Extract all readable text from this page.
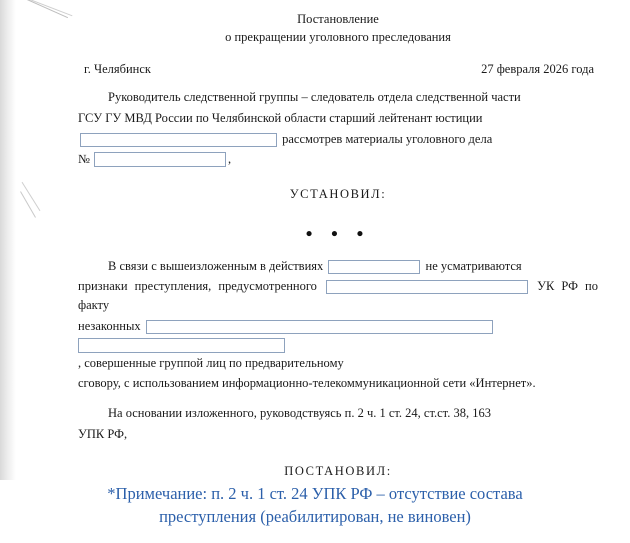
Постановление
о прекращении уголовного преследования
г. Челябинск	27 февраля 2026 года

Руководитель следственной группы – следователь отдела следственной части

ГСУ ГУ МВД России по Челябинской области старший лейтенант юстиции

рассмотрев материалы уголовного дела

№	,
УСТАНОВИЛ:
• • •

В связи с вышеизложенным в действиях	не усматриваются

признаки преступления, предусмотренного	УК РФ по факту

незаконных

, совершенные группой лиц по предварительному

сговору, с использованием информационно-телекоммуникационной сети «Интернет».

На основании изложенного, руководствуясь п. 2 ч. 1 ст. 24, ст.ст. 38, 163

УПК РФ,

ПОСТАНОВИЛ:

*Примечание: п. 2 ч. 1 ст. 24 УПК РФ – отсутствие состава
преступления (реабилитирован, не виновен)
